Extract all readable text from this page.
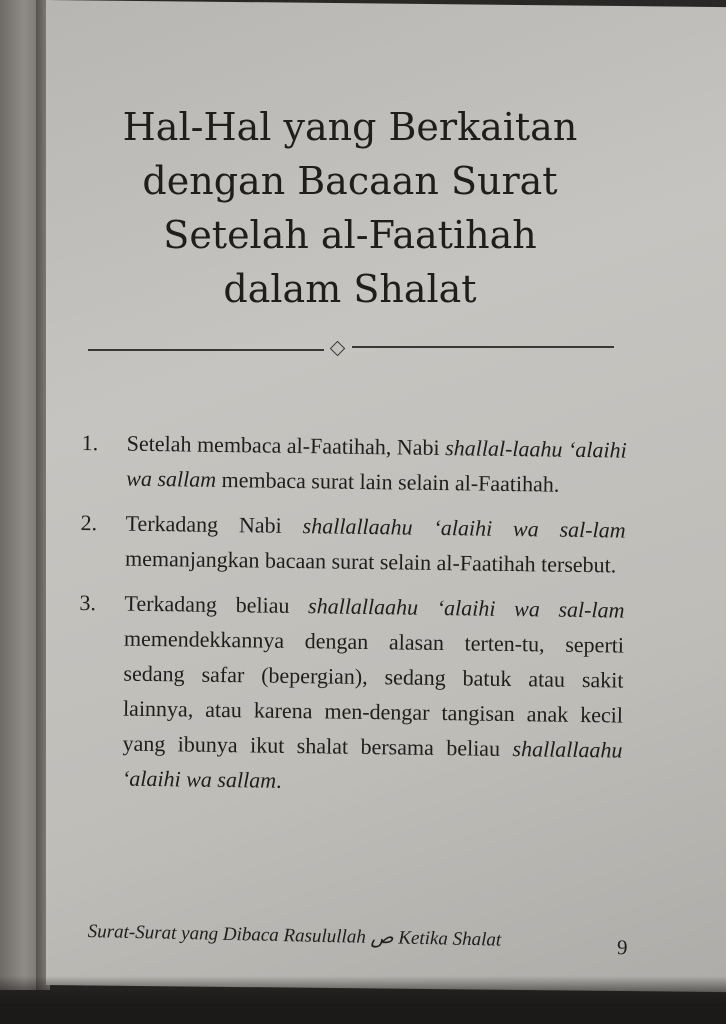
Hal-Hal yang Berkaitan
dengan Bacaan Surat
Setelah al-Faatihah
dalam Shalat
1.	Setelah membaca al-Faatihah, Nabi shallal-laahu ‘alaihi wa sallam membaca surat lain selain al-Faatihah.
2.	Terkadang Nabi shallallaahu ‘alaihi wa sal-lam memanjangkan bacaan surat selain al-Faatihah tersebut.
3.	Terkadang beliau shallallaahu ‘alaihi wa sal-lam memendekkannya dengan alasan terten-tu, seperti sedang safar (bepergian), sedang batuk atau sakit lainnya, atau karena men-dengar tangisan anak kecil yang ibunya ikut shalat bersama beliau shallallaahu ‘alaihi wa sallam.
Surat-Surat yang Dibaca Rasulullah ص Ketika Shalat	9
